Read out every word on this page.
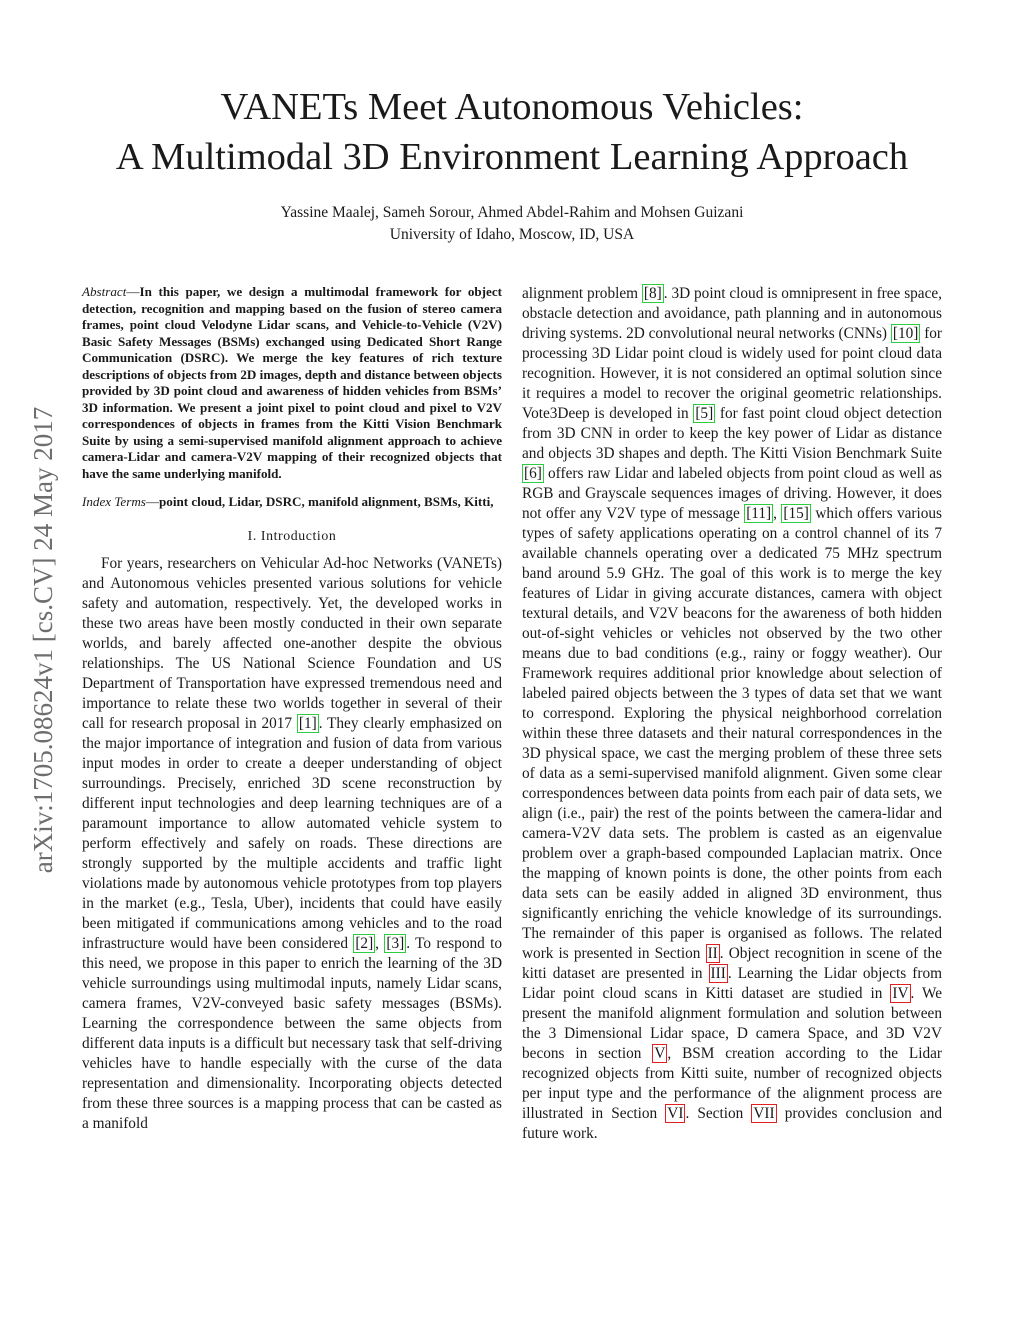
VANETs Meet Autonomous Vehicles:
A Multimodal 3D Environment Learning Approach
Yassine Maalej, Sameh Sorour, Ahmed Abdel-Rahim and Mohsen Guizani
University of Idaho, Moscow, ID, USA
arXiv:1705.08624v1 [cs.CV] 24 May 2017

Abstract—In this paper, we design a multimodal framework for object detection, recognition and mapping based on the fusion of stereo camera frames, point cloud Velodyne Lidar scans, and Vehicle-to-Vehicle (V2V) Basic Safety Messages (BSMs) exchanged using Dedicated Short Range Communication (DSRC). We merge the key features of rich texture descriptions of objects from 2D images, depth and distance between objects provided by 3D point cloud and awareness of hidden vehicles from BSMs’ 3D information. We present a joint pixel to point cloud and pixel to V2V correspondences of objects in frames from the Kitti Vision Benchmark Suite by using a semi-supervised manifold alignment approach to achieve camera-Lidar and camera-V2V mapping of their recognized objects that have the same underlying manifold.

Index Terms—point cloud, Lidar, DSRC, manifold alignment, BSMs, Kitti,

I. Introduction

For years, researchers on Vehicular Ad-hoc Networks (VANETs) and Autonomous vehicles presented various solutions for vehicle safety and automation, respectively. Yet, the developed works in these two areas have been mostly conducted in their own separate worlds, and barely affected one-another despite the obvious relationships. The US National Science Foundation and US Department of Transportation have expressed tremendous need and importance to relate these two worlds together in several of their call for research proposal in 2017 [1] . They clearly emphasized on the major importance of integration and fusion of data from various input modes in order to create a deeper understanding of object surroundings. Precisely, enriched 3D scene reconstruction by different input technologies and deep learning techniques are of a paramount importance to allow automated vehicle system to perform effectively and safely on roads. These directions are strongly supported by the multiple accidents and traffic light violations made by autonomous vehicle prototypes from top players in the market (e.g., Tesla, Uber), incidents that could have easily been mitigated if communications among vehicles and to the road infrastructure would have been considered [2] , [3] . To respond to this need, we propose in this paper to enrich the learning of the 3D vehicle surroundings using multimodal inputs, namely Lidar scans, camera frames, V2V-conveyed basic safety messages (BSMs). Learning the correspondence between the same objects from different data inputs is a difficult but necessary task that self-driving vehicles have to handle especially with the curse of the data representation and dimensionality. Incorporating objects detected from these three sources is a mapping process that can be casted as a manifold

alignment problem [8] . 3D point cloud is omnipresent in free space, obstacle detection and avoidance, path planning and in autonomous driving systems. 2D convolutional neural networks (CNNs) [10] for processing 3D Lidar point cloud is widely used for point cloud data recognition. However, it is not considered an optimal solution since it requires a model to recover the original geometric relationships. Vote3Deep is developed in [5] for fast point cloud object detection from 3D CNN in order to keep the key power of Lidar as distance and objects 3D shapes and depth. The Kitti Vision Benchmark Suite [6] offers raw Lidar and labeled objects from point cloud as well as RGB and Grayscale sequences images of driving. However, it does not offer any V2V type of message [11] , [15] which offers various types of safety applications operating on a control channel of its 7 available channels operating over a dedicated 75 MHz spectrum band around 5.9 GHz. The goal of this work is to merge the key features of Lidar in giving accurate distances, camera with object textural details, and V2V beacons for the awareness of both hidden out-of-sight vehicles or vehicles not observed by the two other means due to bad conditions (e.g., rainy or foggy weather). Our Framework requires additional prior knowledge about selection of labeled paired objects between the 3 types of data set that we want to correspond. Exploring the physical neighborhood correlation within these three datasets and their natural correspondences in the 3D physical space, we cast the merging problem of these three sets of data as a semi-supervised manifold alignment. Given some clear correspondences between data points from each pair of data sets, we align (i.e., pair) the rest of the points between the camera-lidar and camera-V2V data sets. The problem is casted as an eigenvalue problem over a graph-based compounded Laplacian matrix. Once the mapping of known points is done, the other points from each data sets can be easily added in aligned 3D environment, thus significantly enriching the vehicle knowledge of its surroundings. The remainder of this paper is organised as follows. The related work is presented in Section II . Object recognition in scene of the kitti dataset are presented in III . Learning the Lidar objects from Lidar point cloud scans in Kitti dataset are studied in IV . We present the manifold alignment formulation and solution between the 3 Dimensional Lidar space, D camera Space, and 3D V2V becons in section V , BSM creation according to the Lidar recognized objects from Kitti suite, number of recognized objects per input type and the performance of the alignment process are illustrated in Section VI . Section VII provides conclusion and future work.
